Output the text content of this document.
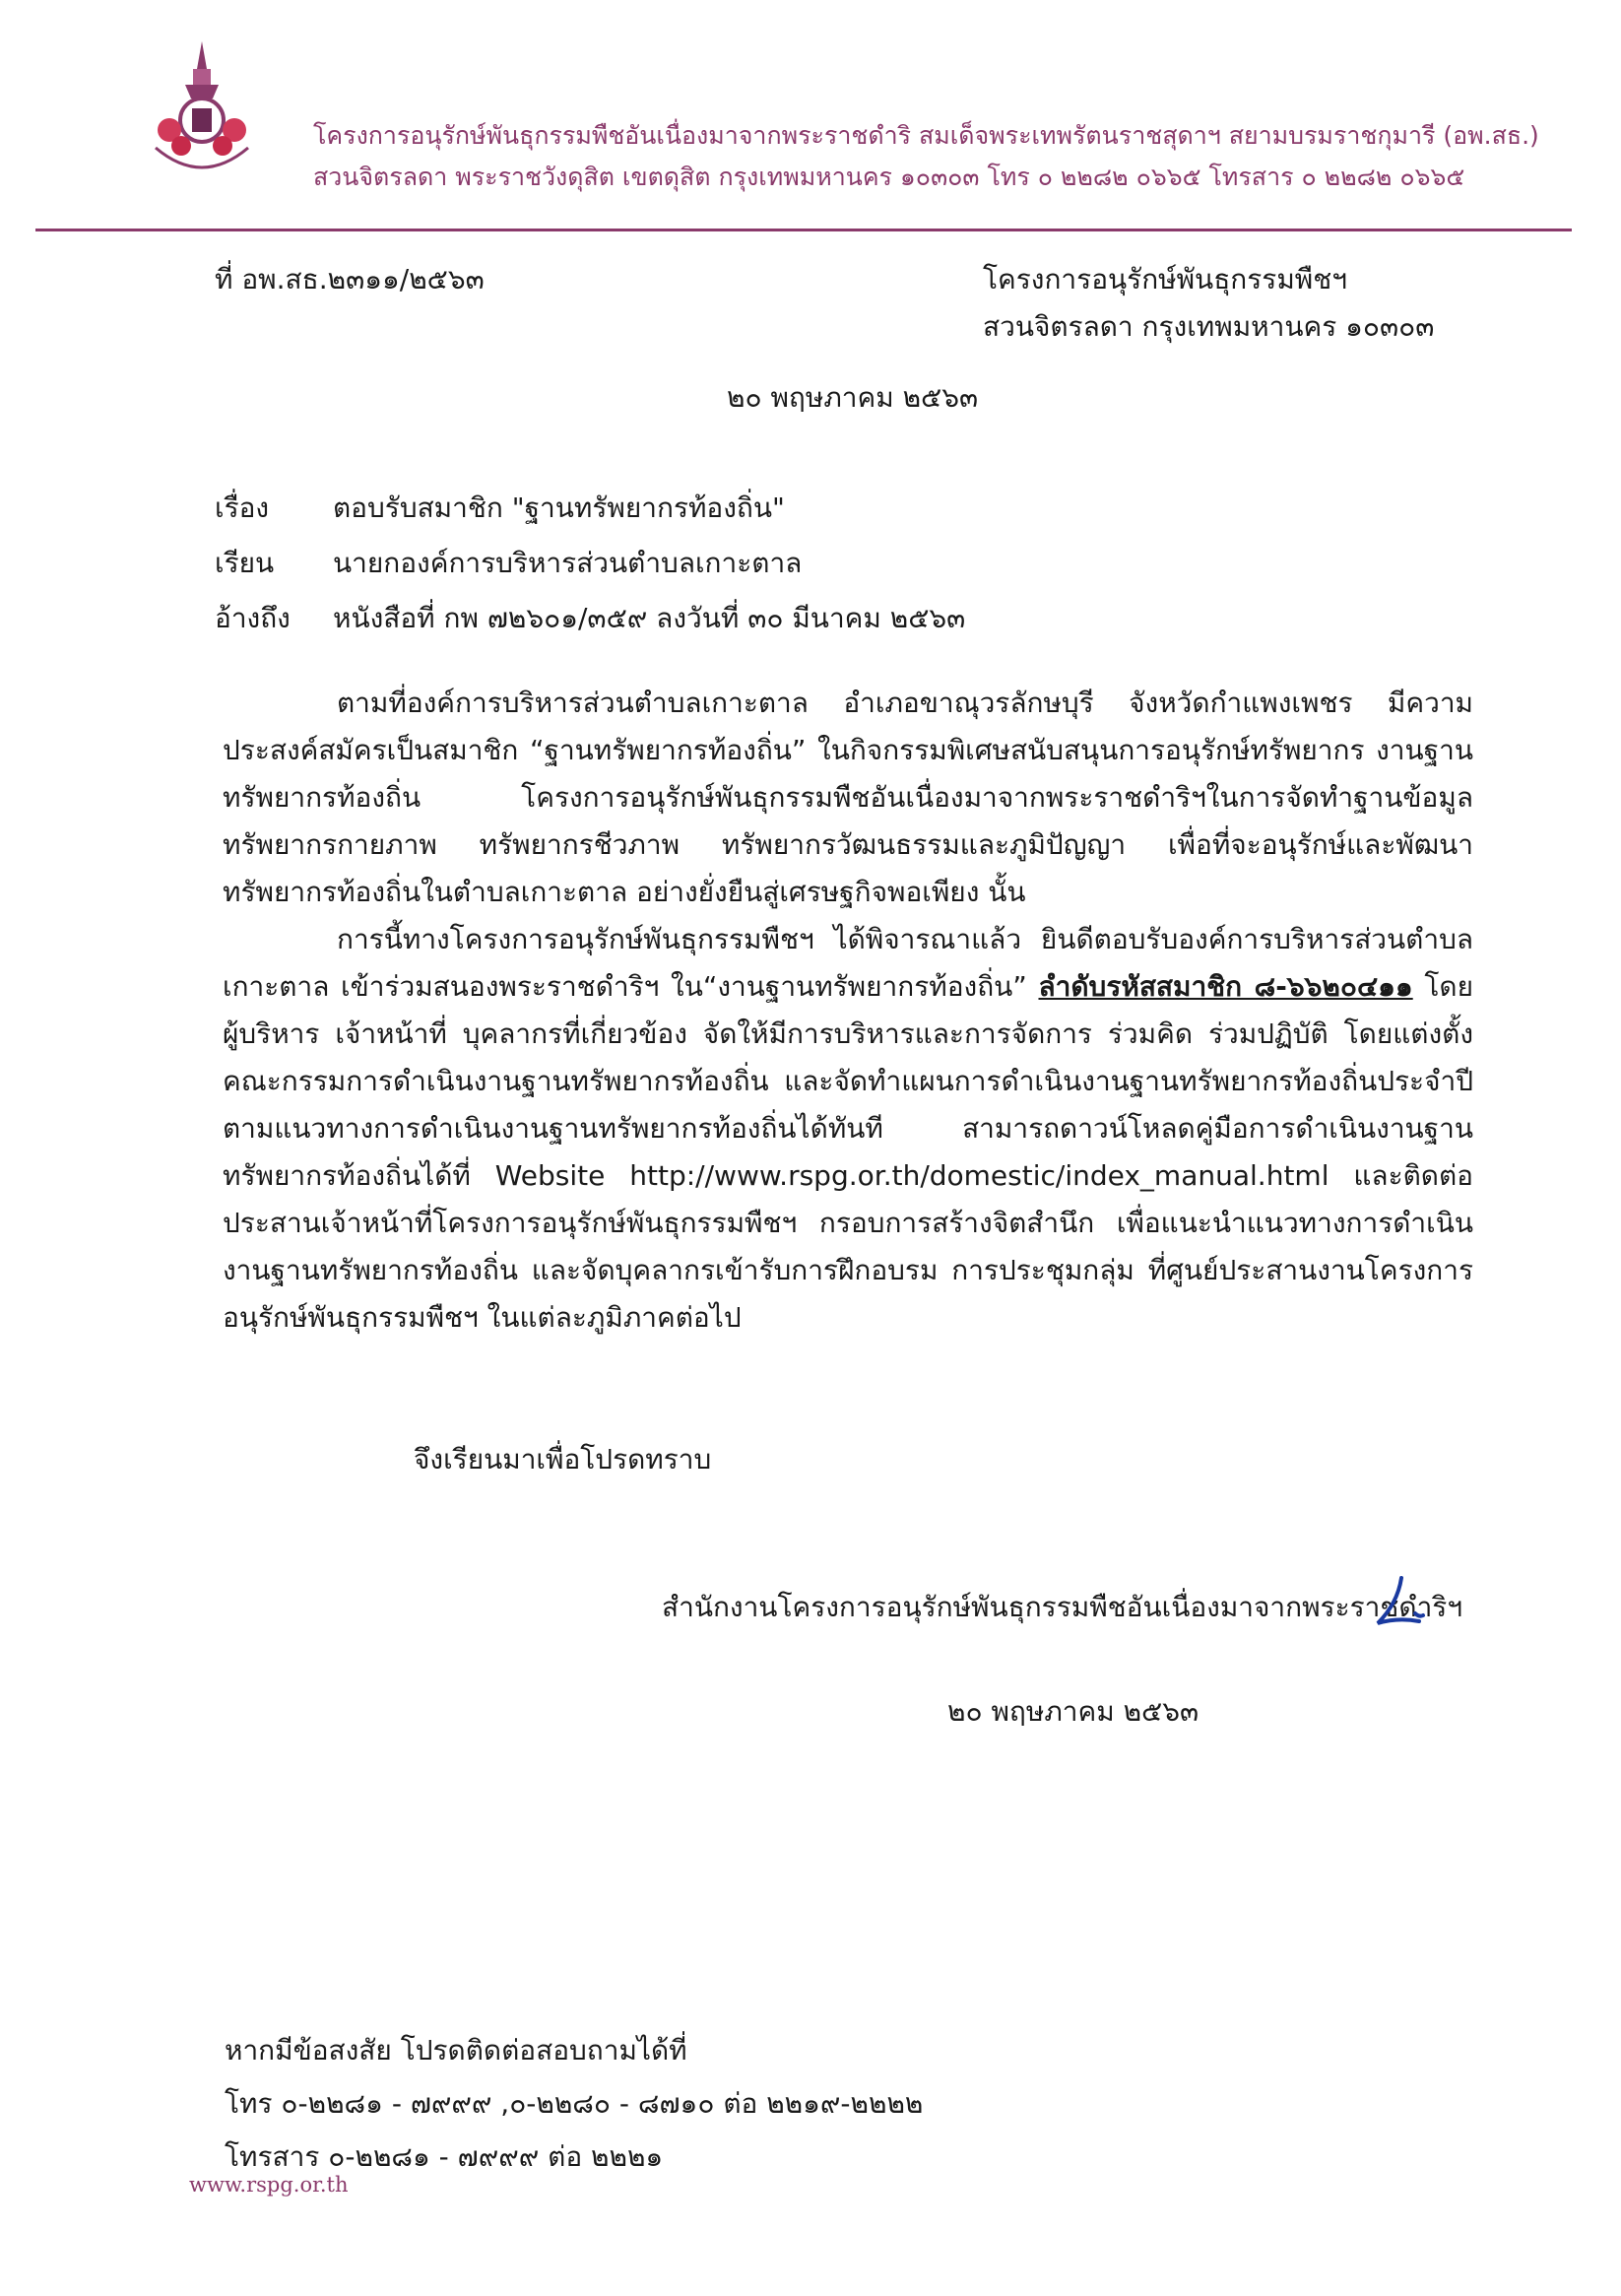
โครงการอนุรักษ์พันธุกรรมพืชอันเนื่องมาจากพระราชดำริ สมเด็จพระเทพรัตนราชสุดาฯ สยามบรมราชกุมารี (อพ.สธ.)
สวนจิตรลดา พระราชวังดุสิต เขตดุสิต กรุงเทพมหานคร ๑๐๓๐๓ โทร ๐ ๒๒๘๒ ๐๖๖๕ โทรสาร ๐ ๒๒๘๒ ๐๖๖๕
ที่ อพ.สธ.๒๓๑๑/๒๕๖๓	โครงการอนุรักษ์พันธุกรรมพืชฯ
สวนจิตรลดา กรุงเทพมหานคร ๑๐๓๐๓
๒๐ พฤษภาคม ๒๕๖๓
เรื่อง ตอบรับสมาชิก "ฐานทรัพยากรท้องถิ่น"
เรียน นายกองค์การบริหารส่วนตำบลเกาะตาล
อ้างถึง หนังสือที่ กพ ๗๒๖๐๑/๓๕๙ ลงวันที่ ๓๐ มีนาคม ๒๕๖๓

ตามที่องค์การบริหารส่วนตำบลเกาะตาล อำเภอขาณุวรลักษบุรี จังหวัดกำแพงเพชร มีความประสงค์สมัครเป็นสมาชิก “ฐานทรัพยากรท้องถิ่น” ในกิจกรรมพิเศษสนับสนุนการอนุรักษ์ทรัพยากร งานฐานทรัพยากรท้องถิ่น โครงการอนุรักษ์พันธุกรรมพืชอันเนื่องมาจากพระราชดำริฯในการจัดทำฐานข้อมูลทรัพยากรกายภาพ ทรัพยากรชีวภาพ ทรัพยากรวัฒนธรรมและภูมิปัญญา เพื่อที่จะอนุรักษ์และพัฒนาทรัพยากรท้องถิ่นในตำบลเกาะตาล อย่างยั่งยืนสู่เศรษฐกิจพอเพียง นั้น

การนี้ทางโครงการอนุรักษ์พันธุกรรมพืชฯ ได้พิจารณาแล้ว ยินดีตอบรับองค์การบริหารส่วนตำบลเกาะตาล เข้าร่วมสนองพระราชดำริฯ ใน“งานฐานทรัพยากรท้องถิ่น” ลำดับรหัสสมาชิก ๘-๖๖๒๐๔๑๑ โดยผู้บริหาร เจ้าหน้าที่ บุคลากรที่เกี่ยวข้อง จัดให้มีการบริหารและการจัดการ ร่วมคิด ร่วมปฏิบัติ โดยแต่งตั้งคณะกรรมการดำเนินงานฐานทรัพยากรท้องถิ่น และจัดทำแผนการดำเนินงานฐานทรัพยากรท้องถิ่นประจำปี ตามแนวทางการดำเนินงานฐานทรัพยากรท้องถิ่นได้ทันที สามารถดาวน์โหลดคู่มือการดำเนินงานฐานทรัพยากรท้องถิ่นได้ที่ Website http://www.rspg.or.th/domestic/index_manual.html และติดต่อประสานเจ้าหน้าที่โครงการอนุรักษ์พันธุกรรมพืชฯ กรอบการสร้างจิตสำนึก เพื่อแนะนำแนวทางการดำเนินงานฐานทรัพยากรท้องถิ่น และจัดบุคลากรเข้ารับการฝึกอบรม การประชุมกลุ่ม ที่ศูนย์ประสานงานโครงการอนุรักษ์พันธุกรรมพืชฯ ในแต่ละภูมิภาคต่อไป

จึงเรียนมาเพื่อโปรดทราบ
สำนักงานโครงการอนุรักษ์พันธุกรรมพืชอันเนื่องมาจากพระราชดำริฯ
๒๐ พฤษภาคม ๒๕๖๓
หากมีข้อสงสัย โปรดติดต่อสอบถามได้ที่
โทร ๐-๒๒๘๑ - ๗๙๙๙ ,๐-๒๒๘๐ - ๘๗๑๐ ต่อ ๒๒๑๙-๒๒๒๒
โทรสาร ๐-๒๒๘๑ - ๗๙๙๙ ต่อ ๒๒๒๑
www.rspg.or.th
